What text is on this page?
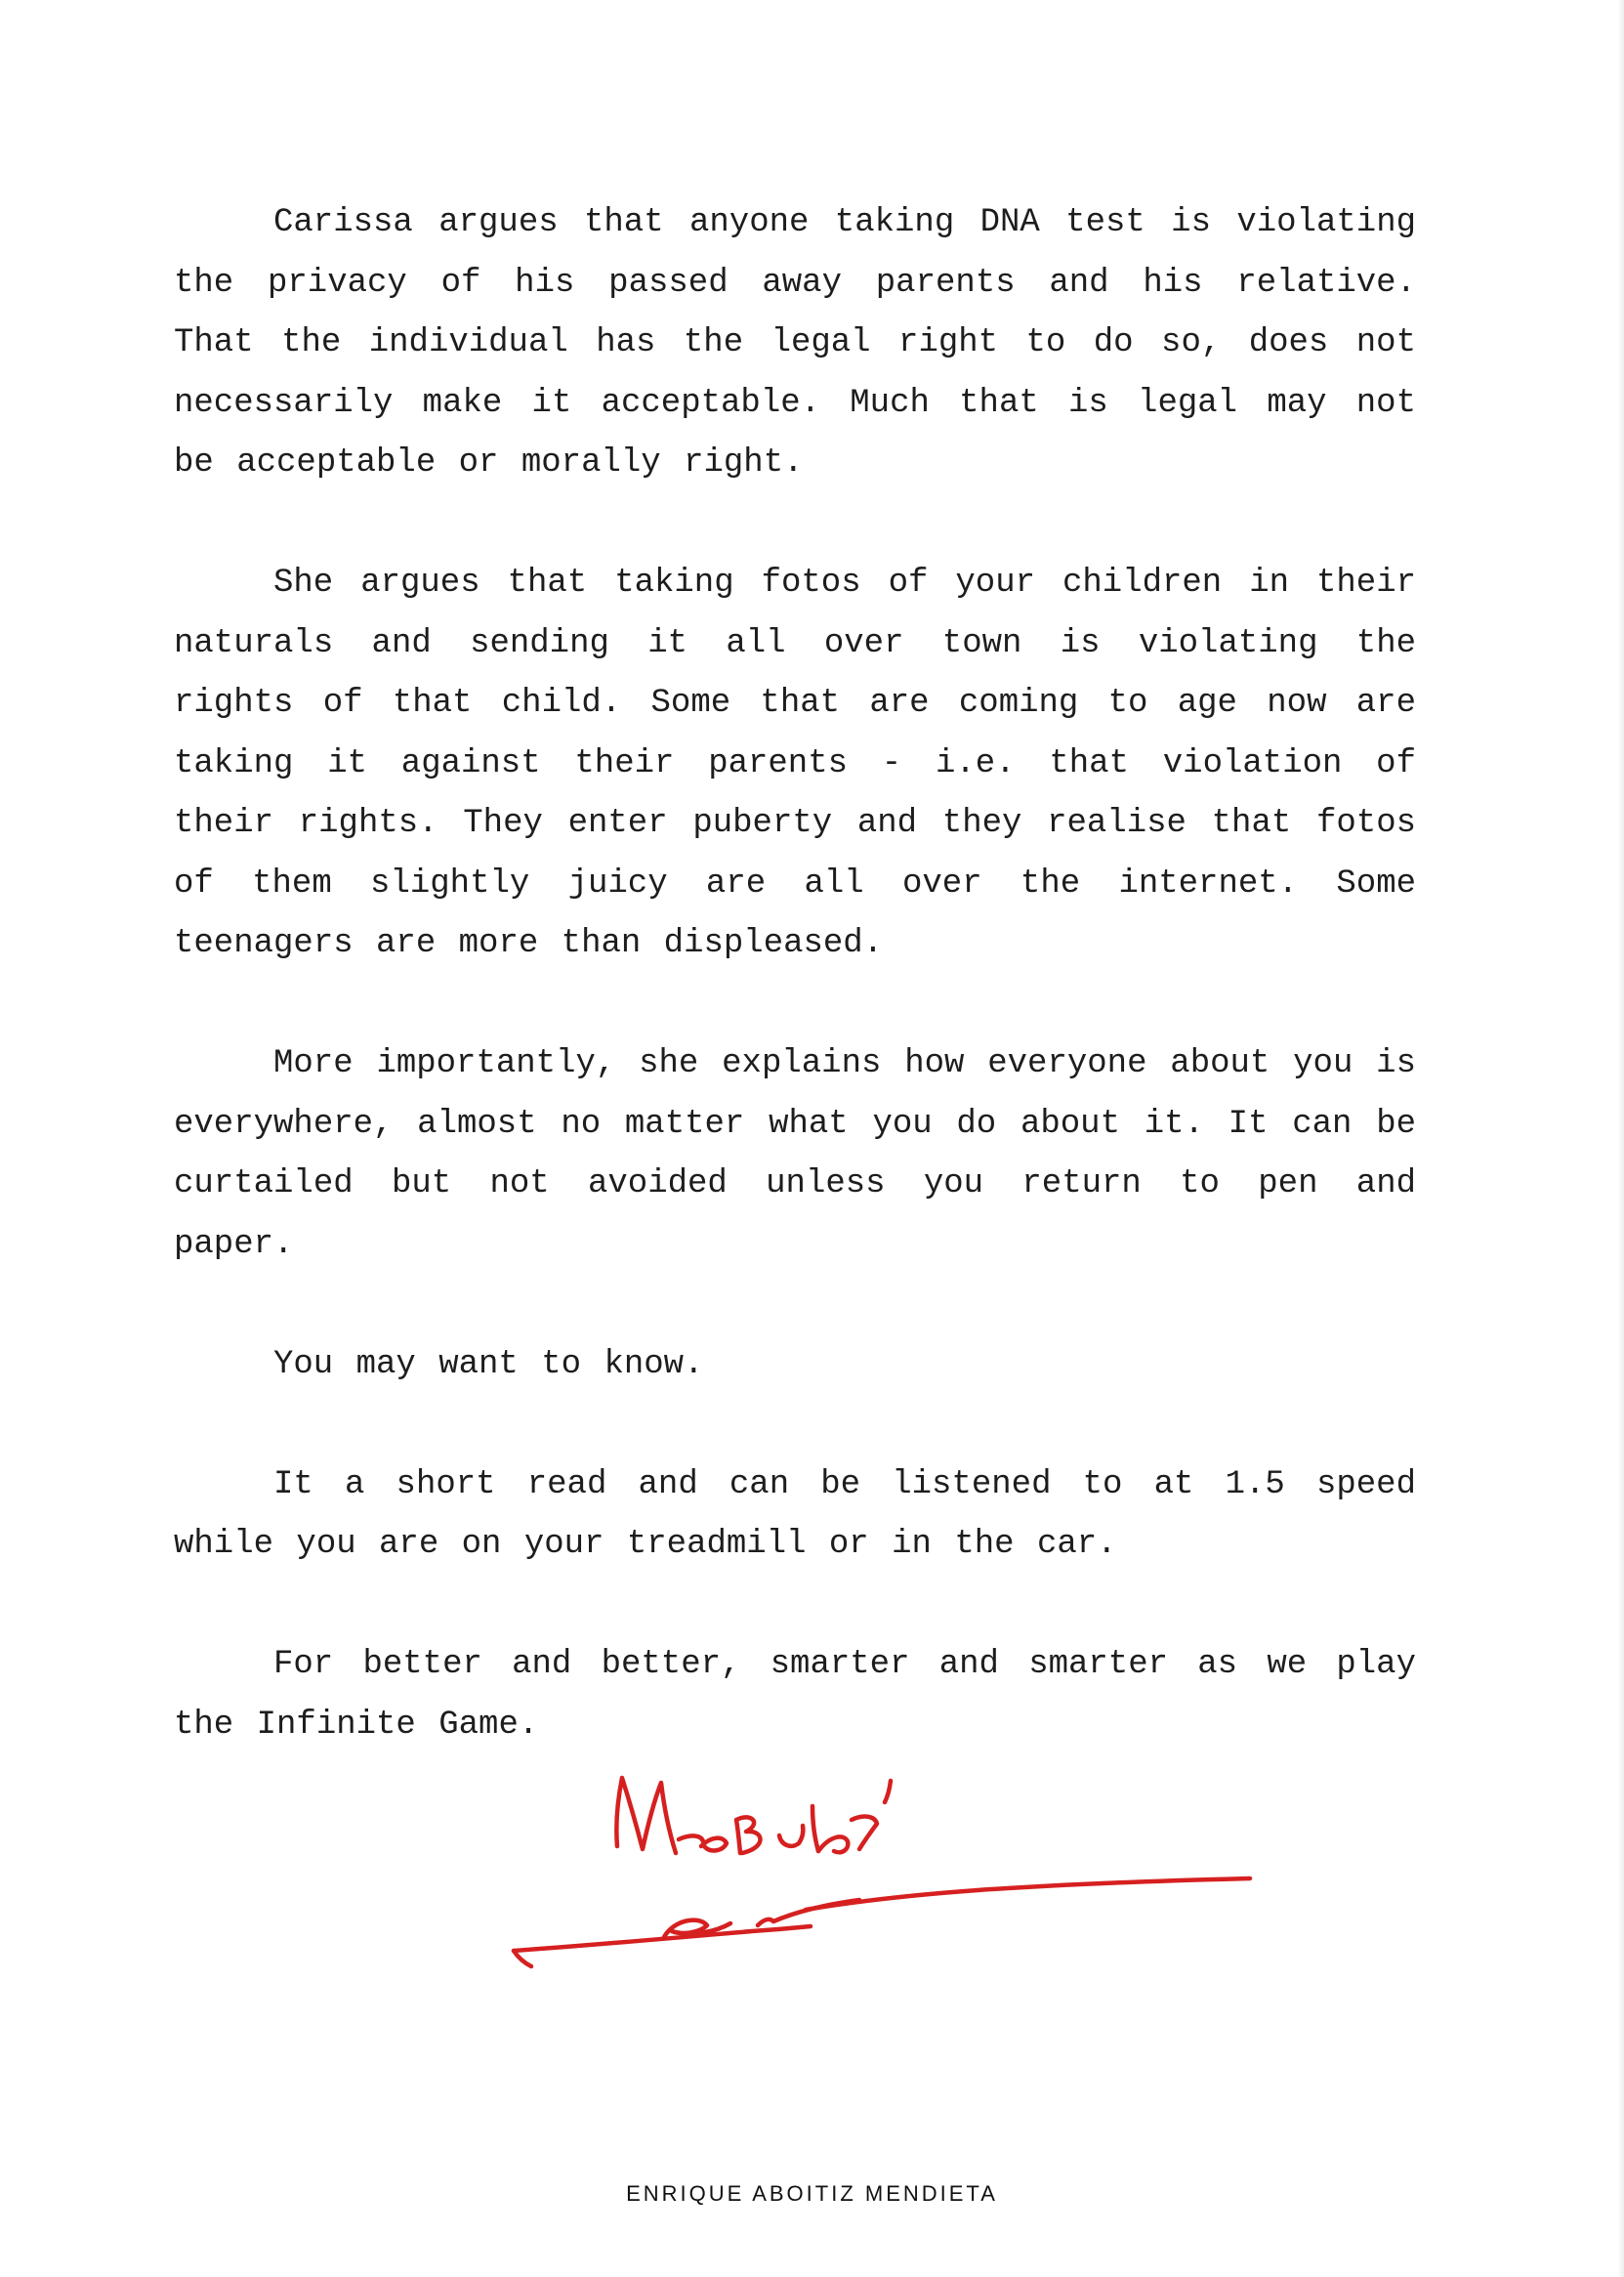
Carissa argues that anyone taking DNA test is violating the privacy of his passed away parents and his relative. That the individual has the legal right to do so, does not necessarily make it acceptable. Much that is legal may not be acceptable or morally right.

She argues that taking fotos of your children in their naturals and sending it all over town is violating the rights of that child. Some that are coming to age now are taking it against their parents - i.e. that violation of their rights. They enter puberty and they realise that fotos of them slightly juicy are all over the internet. Some teenagers are more than displeased.

More importantly, she explains how everyone about you is everywhere, almost no matter what you do about it. It can be curtailed but not avoided unless you return to pen and paper.

You may want to know.

It a short read and can be listened to at 1.5 speed while you are on your treadmill or in the car.

For better and better, smarter and smarter as we play the Infinite Game.

ENRIQUE ABOITIZ MENDIETA
